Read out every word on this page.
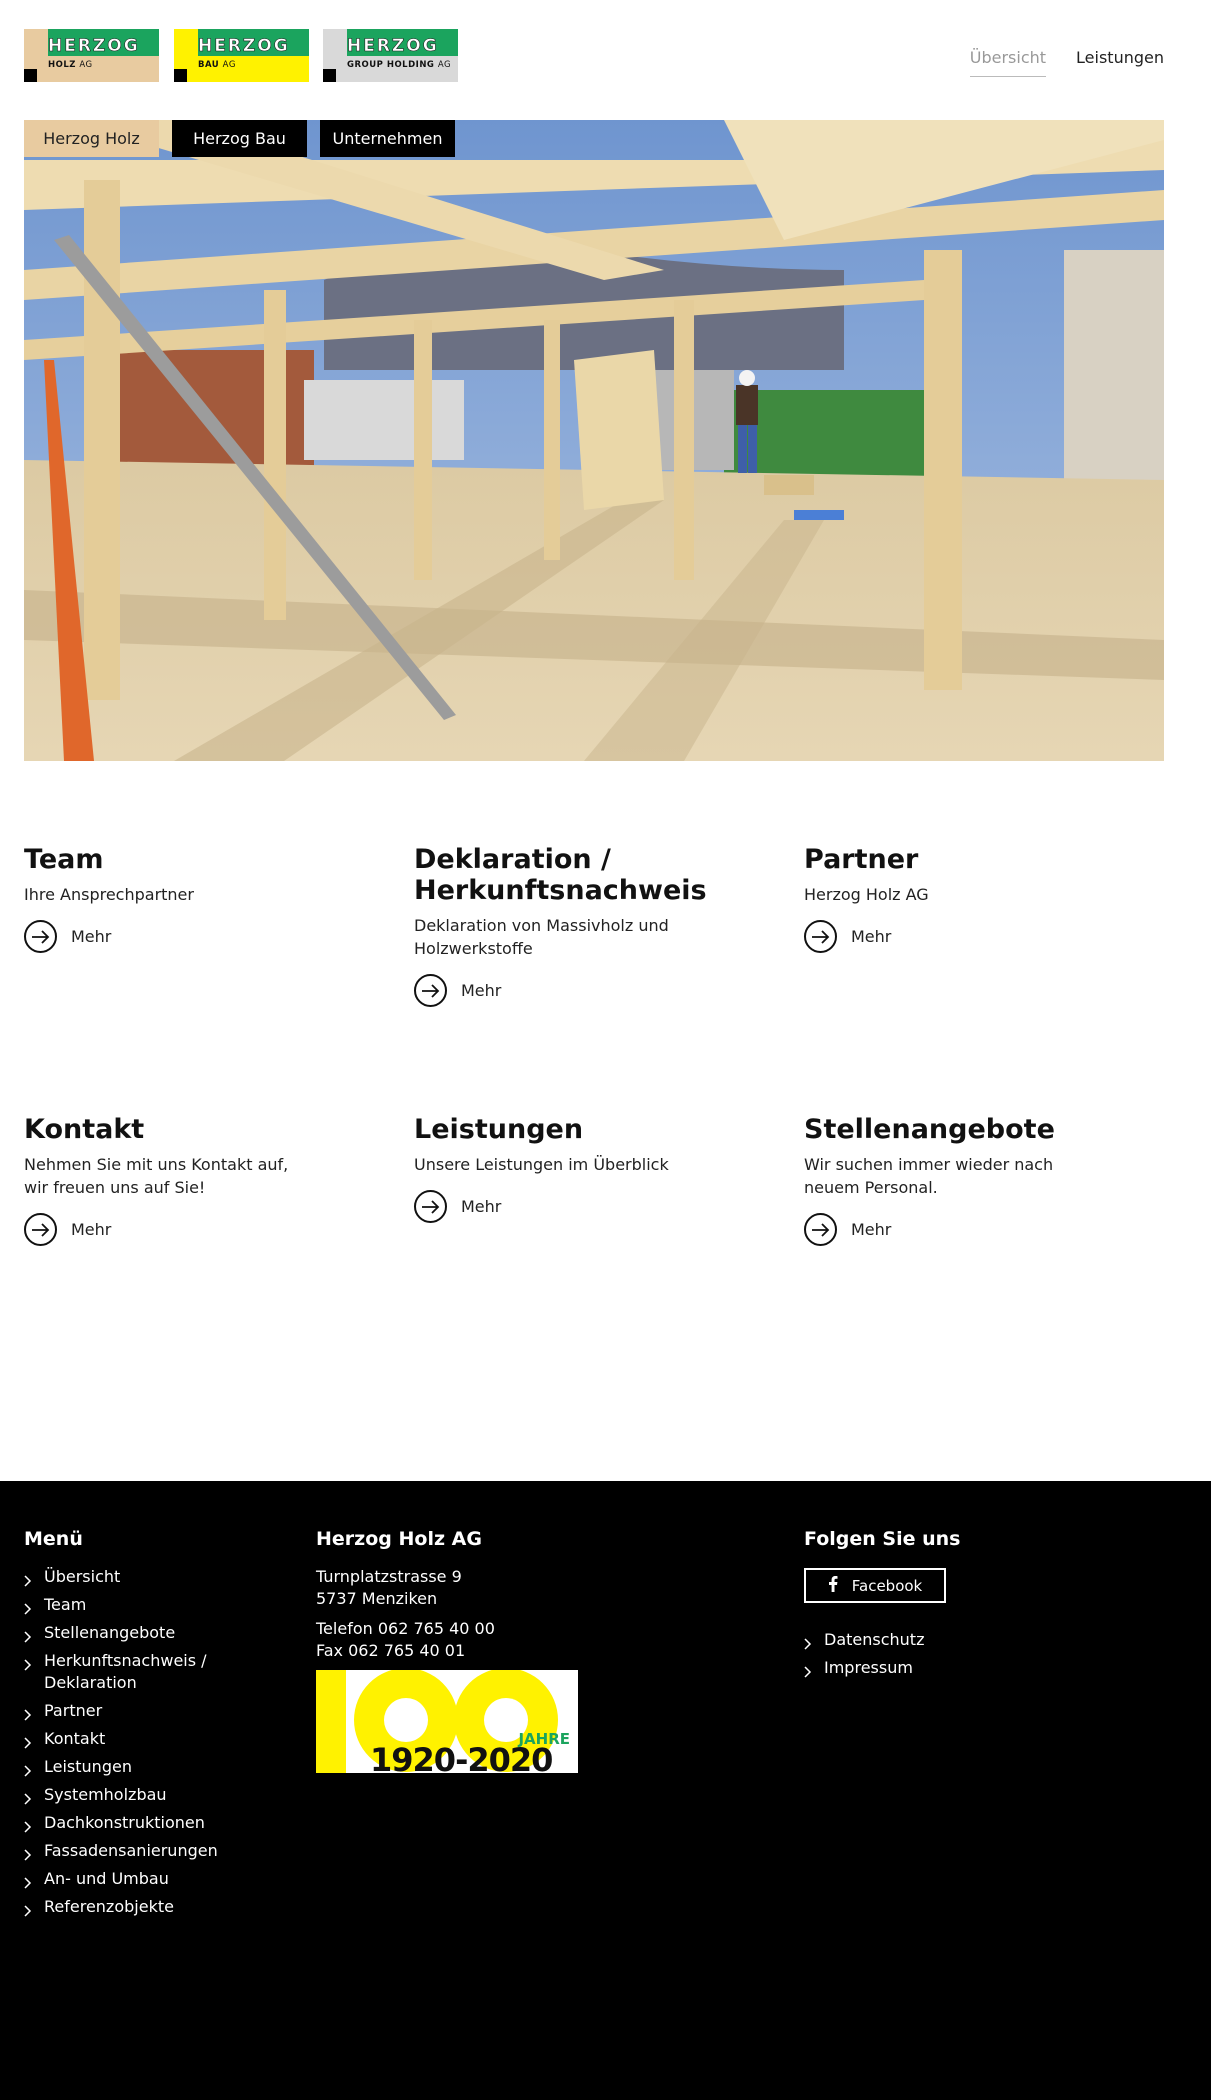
HERZOG
HOLZ AG
HERZOG
BAU AG
HERZOG
GROUP HOLDING AG	Übersicht Leistungen
Herzog Holz	Herzog Bau	Unternehmen
Team

Ihre Ansprechpartner

Mehr
Deklaration / Herkunftsnachweis

Deklaration von Massivholz und Holzwerkstoffe

Mehr
Partner

Herzog Holz AG

Mehr
Kontakt

Nehmen Sie mit uns Kontakt auf, wir freuen uns auf Sie!

Mehr
Leistungen

Unsere Leistungen im Überblick

Mehr
Stellenangebote

Wir suchen immer wieder nach neuem Personal.

Mehr
Menü
Übersicht
Team
Stellenangebote
Herkunftsnachweis / Deklaration
Partner
Kontakt
Leistungen
Systemholzbau
Dachkonstruktionen
Fassadensanierungen
An- und Umbau
Referenzobjekte
Herzog Holz AG
Turnplatzstrasse 9
5737 Menziken
Telefon 062 765 40 00
Fax 062 765 40 01
JAHRE
1920-2020
Folgen Sie uns
Facebook
Datenschutz
Impressum
